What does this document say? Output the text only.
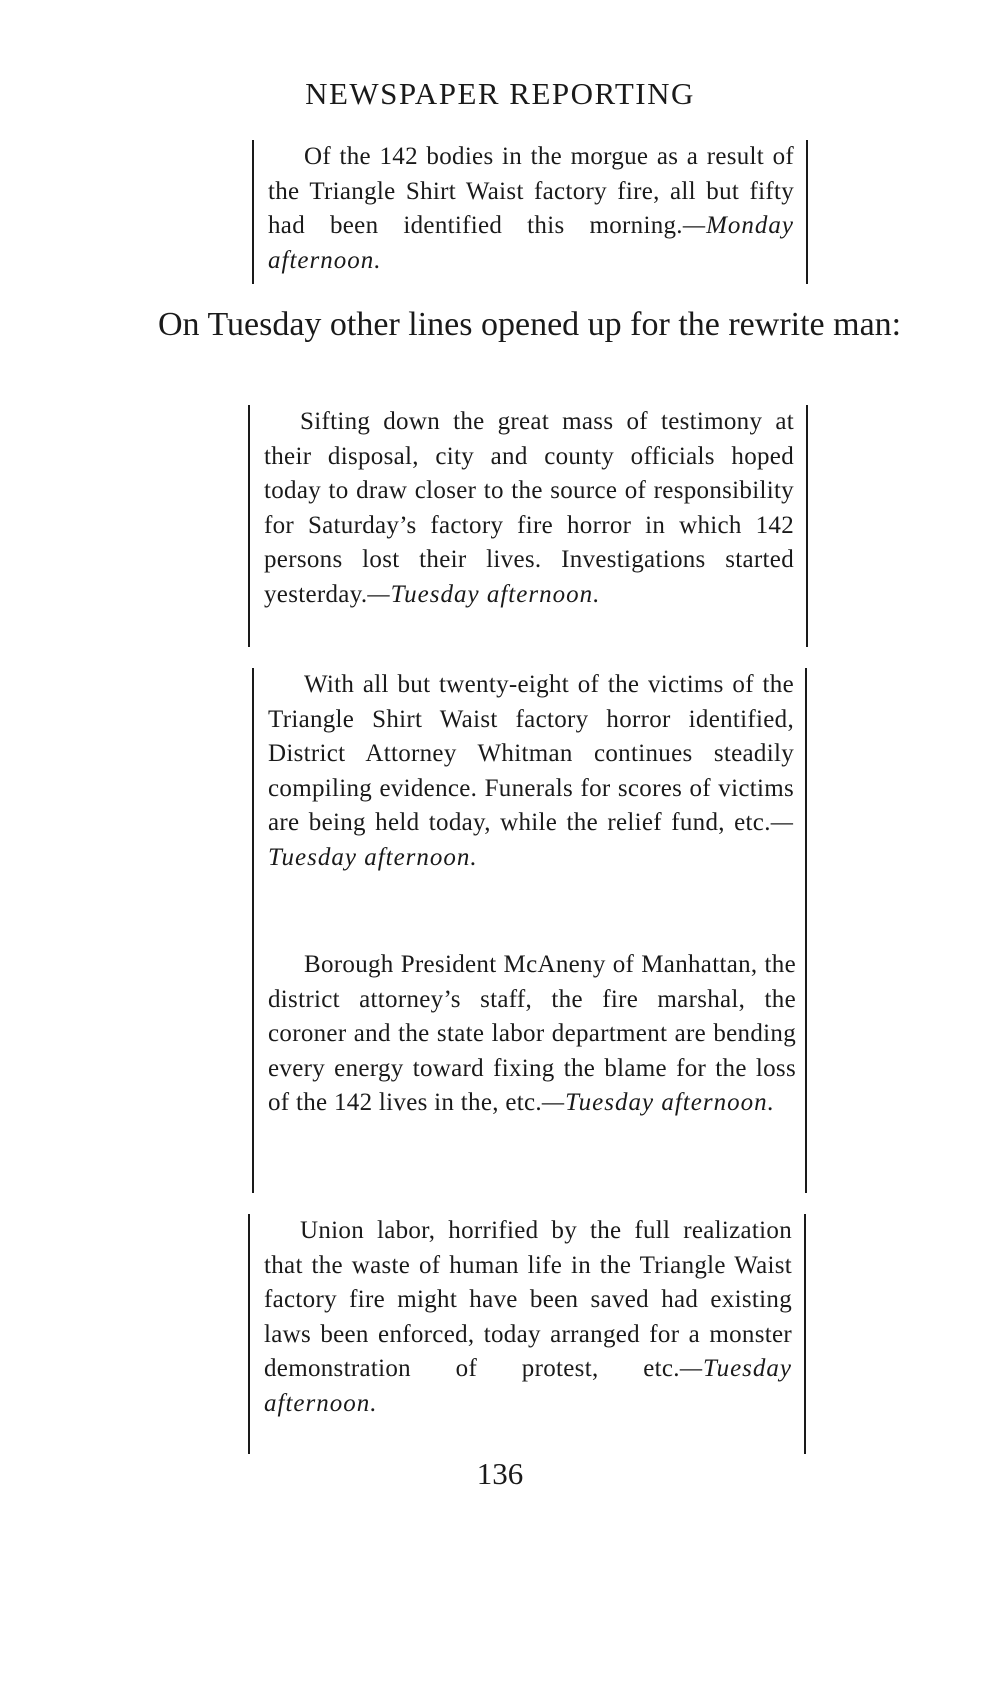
NEWSPAPER REPORTING
Of the 142 bodies in the morgue as a result of the Triangle Shirt Waist factory fire, all but fifty had been identified this morning.—Monday afternoon.

On Tuesday other lines opened up for the rewrite man:

Sifting down the great mass of testimony at their disposal, city and county officials hoped today to draw closer to the source of responsibility for Saturday’s factory fire horror in which 142 persons lost their lives. Investigations started yesterday.—Tuesday afternoon.
With all but twenty-eight of the victims of the Triangle Shirt Waist factory horror identified, District Attorney Whitman continues steadily compiling evidence. Funerals for scores of victims are being held today, while the relief fund, etc.—Tuesday afternoon.
Borough President McAneny of Manhattan, the district attorney’s staff, the fire marshal, the coroner and the state labor department are bending every energy toward fixing the blame for the loss of the 142 lives in the, etc.—Tuesday afternoon.
Union labor, horrified by the full realization that the waste of human life in the Triangle Waist factory fire might have been saved had existing laws been enforced, today arranged for a monster demonstration of protest, etc.—Tuesday afternoon.
136
